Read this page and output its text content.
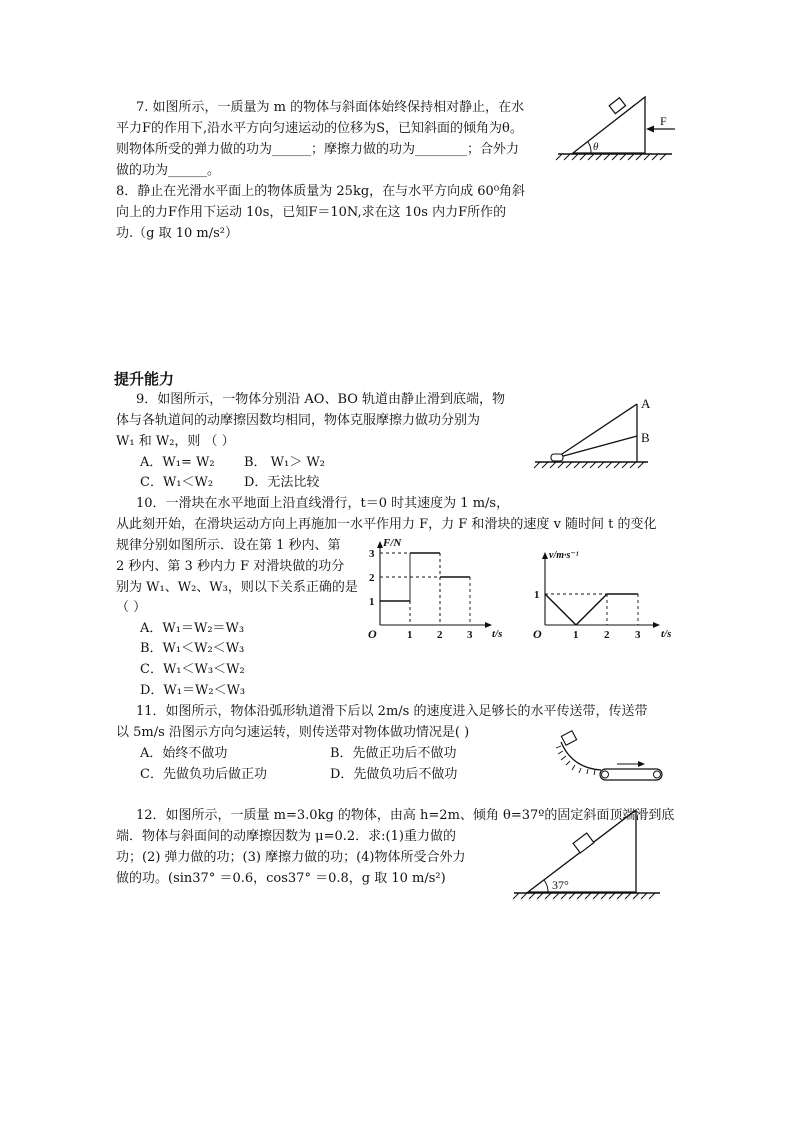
7. 如图所示，一质量为 m 的物体与斜面体始终保持相对静止，在水
平力F的作用下,沿水平方向匀速运动的位移为S，已知斜面的倾角为θ。
则物体所受的弹力做的功为______；摩擦力做的功为________；合外力
做的功为______。
θ
F
8．静止在光滑水平面上的物体质量为 25kg，在与水平方向成 60⁰角斜
向上的力F作用下运动 10s，已知F＝10N,求在这 10s 内力F所作的
功.（g 取 10 m/s²）
提升能力
9．如图所示，一物体分别沿 AO、BO 轨道由静止滑到底端，物
体与各轨道间的动摩擦因数均相同，物体克服摩擦力做功分别为
W₁ 和 W₂，则 （ ）
A．W₁= W₂ B． W₁＞ W₂
C．W₁＜W₂ D．无法比较
A
B
10．一滑块在水平地面上沿直线滑行，t＝0 时其速度为 1 m/s，
从此刻开始，在滑块运动方向上再施加一水平作用力 F，力 F 和滑块的速度 v 随时间 t 的变化
规律分别如图所示．设在第 1 秒内、第
2 秒内、第 3 秒内力 F 对滑块做的功分
别为 W₁、W₂、W₃，则以下关系正确的是
（ ）
A．W₁＝W₂＝W₃
B．W₁＜W₂＜W₃
C．W₁＜W₃＜W₂
D．W₁＝W₂＜W₃
F/N
t/s
O	1 2 3
1
2
3	v/m·s⁻¹
t/s
O	1 2 3
1
11．如图所示，物体沿弧形轨道滑下后以 2m/s 的速度进入足够长的水平传送带，传送带
以 5m/s 沿图示方向匀速运转，则传送带对物体做功情况是( )
A．始终不做功	B．先做正功后不做功
C．先做负功后做正功	D．先做负功后不做功
12．如图所示，一质量 m=3.0kg 的物体，由高 h=2m、倾角 θ=37º的固定斜面顶端滑到底
端．物体与斜面间的动摩擦因数为 μ=0.2．求:(1)重力做的
功；(2) 弹力做的功；(3) 摩擦力做的功；(4)物体所受合外力
做的功。(sin37° ＝0.6，cos37° ＝0.8，g 取 10 m/s²)	37°
